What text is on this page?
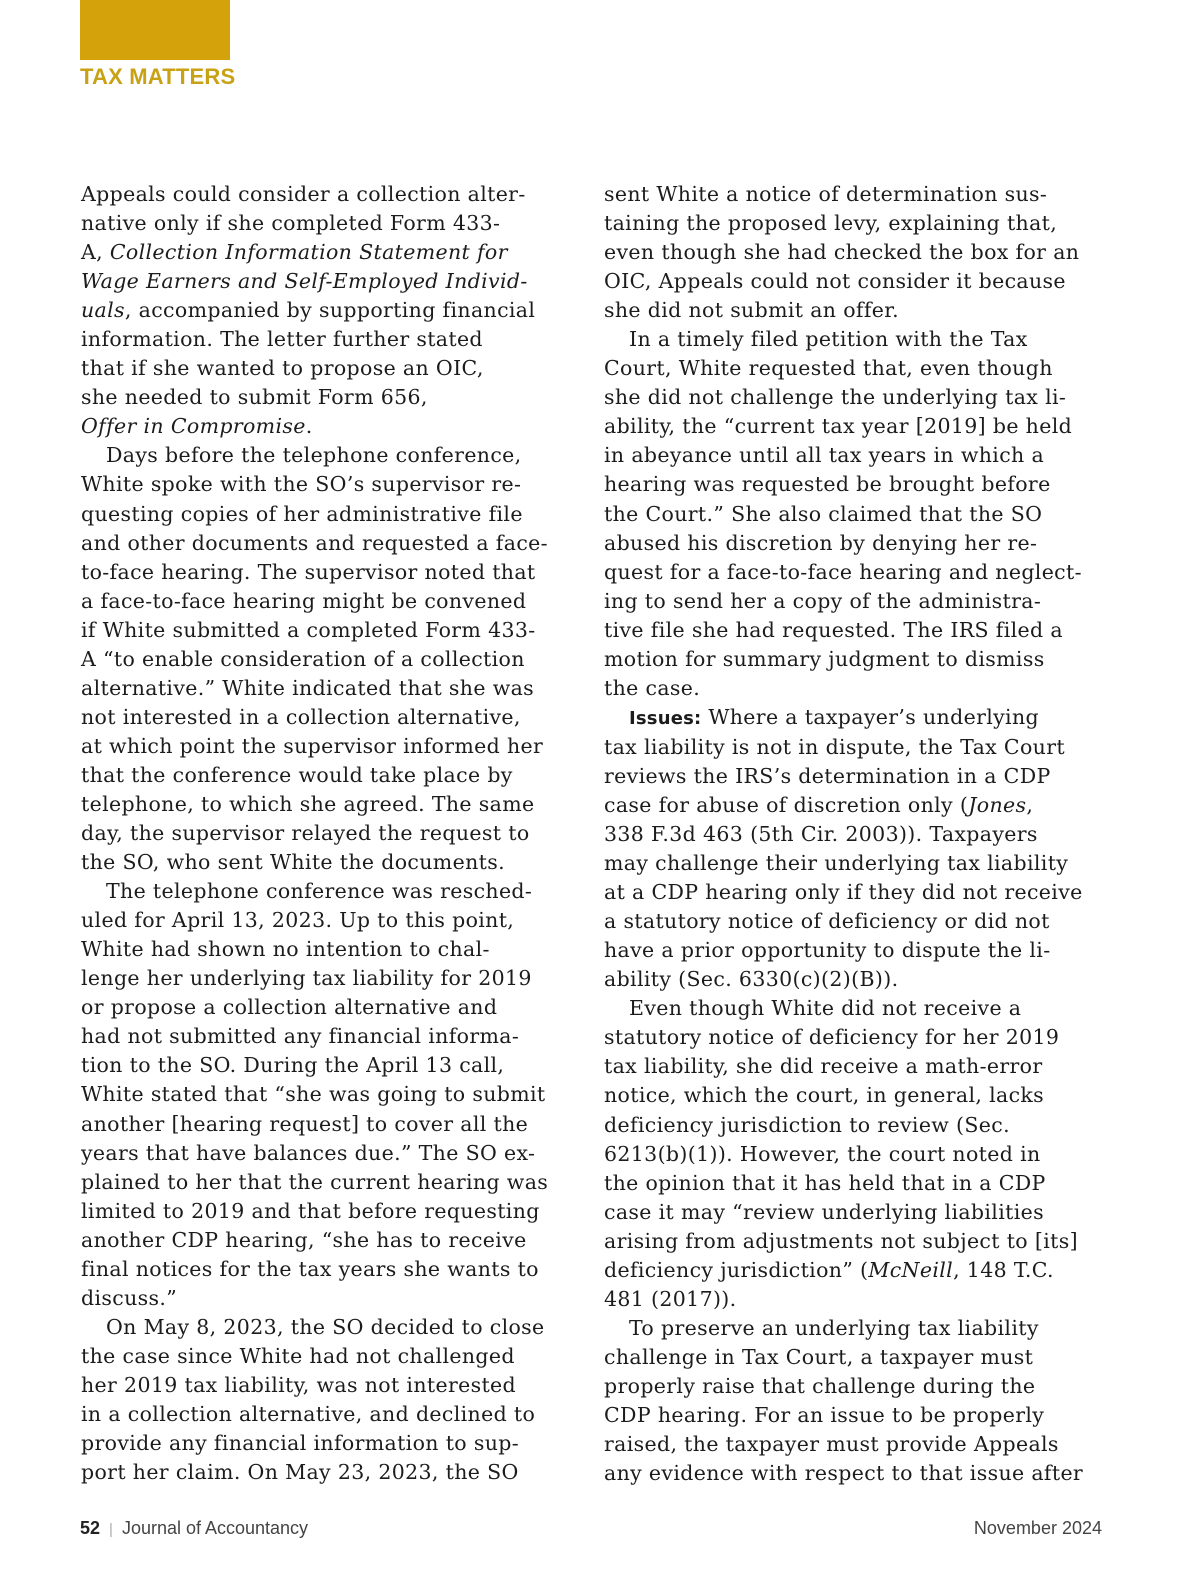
TAX MATTERS
Appeals could consider a collection alter-
native only if she completed Form 433-
A, Collection Information Statement for
Wage Earners and Self-Employed Individ-
uals, accompanied by supporting financial
information. The letter further stated
that if she wanted to propose an OIC,
she needed to submit Form 656,
Offer in Compromise.
Days before the telephone conference,
White spoke with the SO’s supervisor re-
questing copies of her administrative file
and other documents and requested a face-
to-face hearing. The supervisor noted that
a face-to-face hearing might be convened
if White submitted a completed Form 433-
A “to enable consideration of a collection
alternative.” White indicated that she was
not interested in a collection alternative,
at which point the supervisor informed her
that the conference would take place by
telephone, to which she agreed. The same
day, the supervisor relayed the request to
the SO, who sent White the documents.
The telephone conference was resched-
uled for April 13, 2023. Up to this point,
White had shown no intention to chal-
lenge her underlying tax liability for 2019
or propose a collection alternative and
had not submitted any financial informa-
tion to the SO. During the April 13 call,
White stated that “she was going to submit
another [hearing request] to cover all the
years that have balances due.” The SO ex-
plained to her that the current hearing was
limited to 2019 and that before requesting
another CDP hearing, “she has to receive
final notices for the tax years she wants to
discuss.”
On May 8, 2023, the SO decided to close
the case since White had not challenged
her 2019 tax liability, was not interested
in a collection alternative, and declined to
provide any financial information to sup-
port her claim. On May 23, 2023, the SO
sent White a notice of determination sus-
taining the proposed levy, explaining that,
even though she had checked the box for an
OIC, Appeals could not consider it because
she did not submit an offer.
In a timely filed petition with the Tax
Court, White requested that, even though
she did not challenge the underlying tax li-
ability, the “current tax year [2019] be held
in abeyance until all tax years in which a
hearing was requested be brought before
the Court.” She also claimed that the SO
abused his discretion by denying her re-
quest for a face-to-face hearing and neglect-
ing to send her a copy of the administra-
tive file she had requested. The IRS filed a
motion for summary judgment to dismiss
the case.
Issues: Where a taxpayer’s underlying
tax liability is not in dispute, the Tax Court
reviews the IRS’s determination in a CDP
case for abuse of discretion only (Jones,
338 F.3d 463 (5th Cir. 2003)). Taxpayers
may challenge their underlying tax liability
at a CDP hearing only if they did not receive
a statutory notice of deficiency or did not
have a prior opportunity to dispute the li-
ability (Sec. 6330(c)(2)(B)).
Even though White did not receive a
statutory notice of deficiency for her 2019
tax liability, she did receive a math-error
notice, which the court, in general, lacks
deficiency jurisdiction to review (Sec.
6213(b)(1)). However, the court noted in
the opinion that it has held that in a CDP
case it may “review underlying liabilities
arising from adjustments not subject to [its]
deficiency jurisdiction” (McNeill, 148 T.C.
481 (2017)).
To preserve an underlying tax liability
challenge in Tax Court, a taxpayer must
properly raise that challenge during the
CDP hearing. For an issue to be properly
raised, the taxpayer must provide Appeals
any evidence with respect to that issue after
52 | Journal of Accountancy	November 2024
